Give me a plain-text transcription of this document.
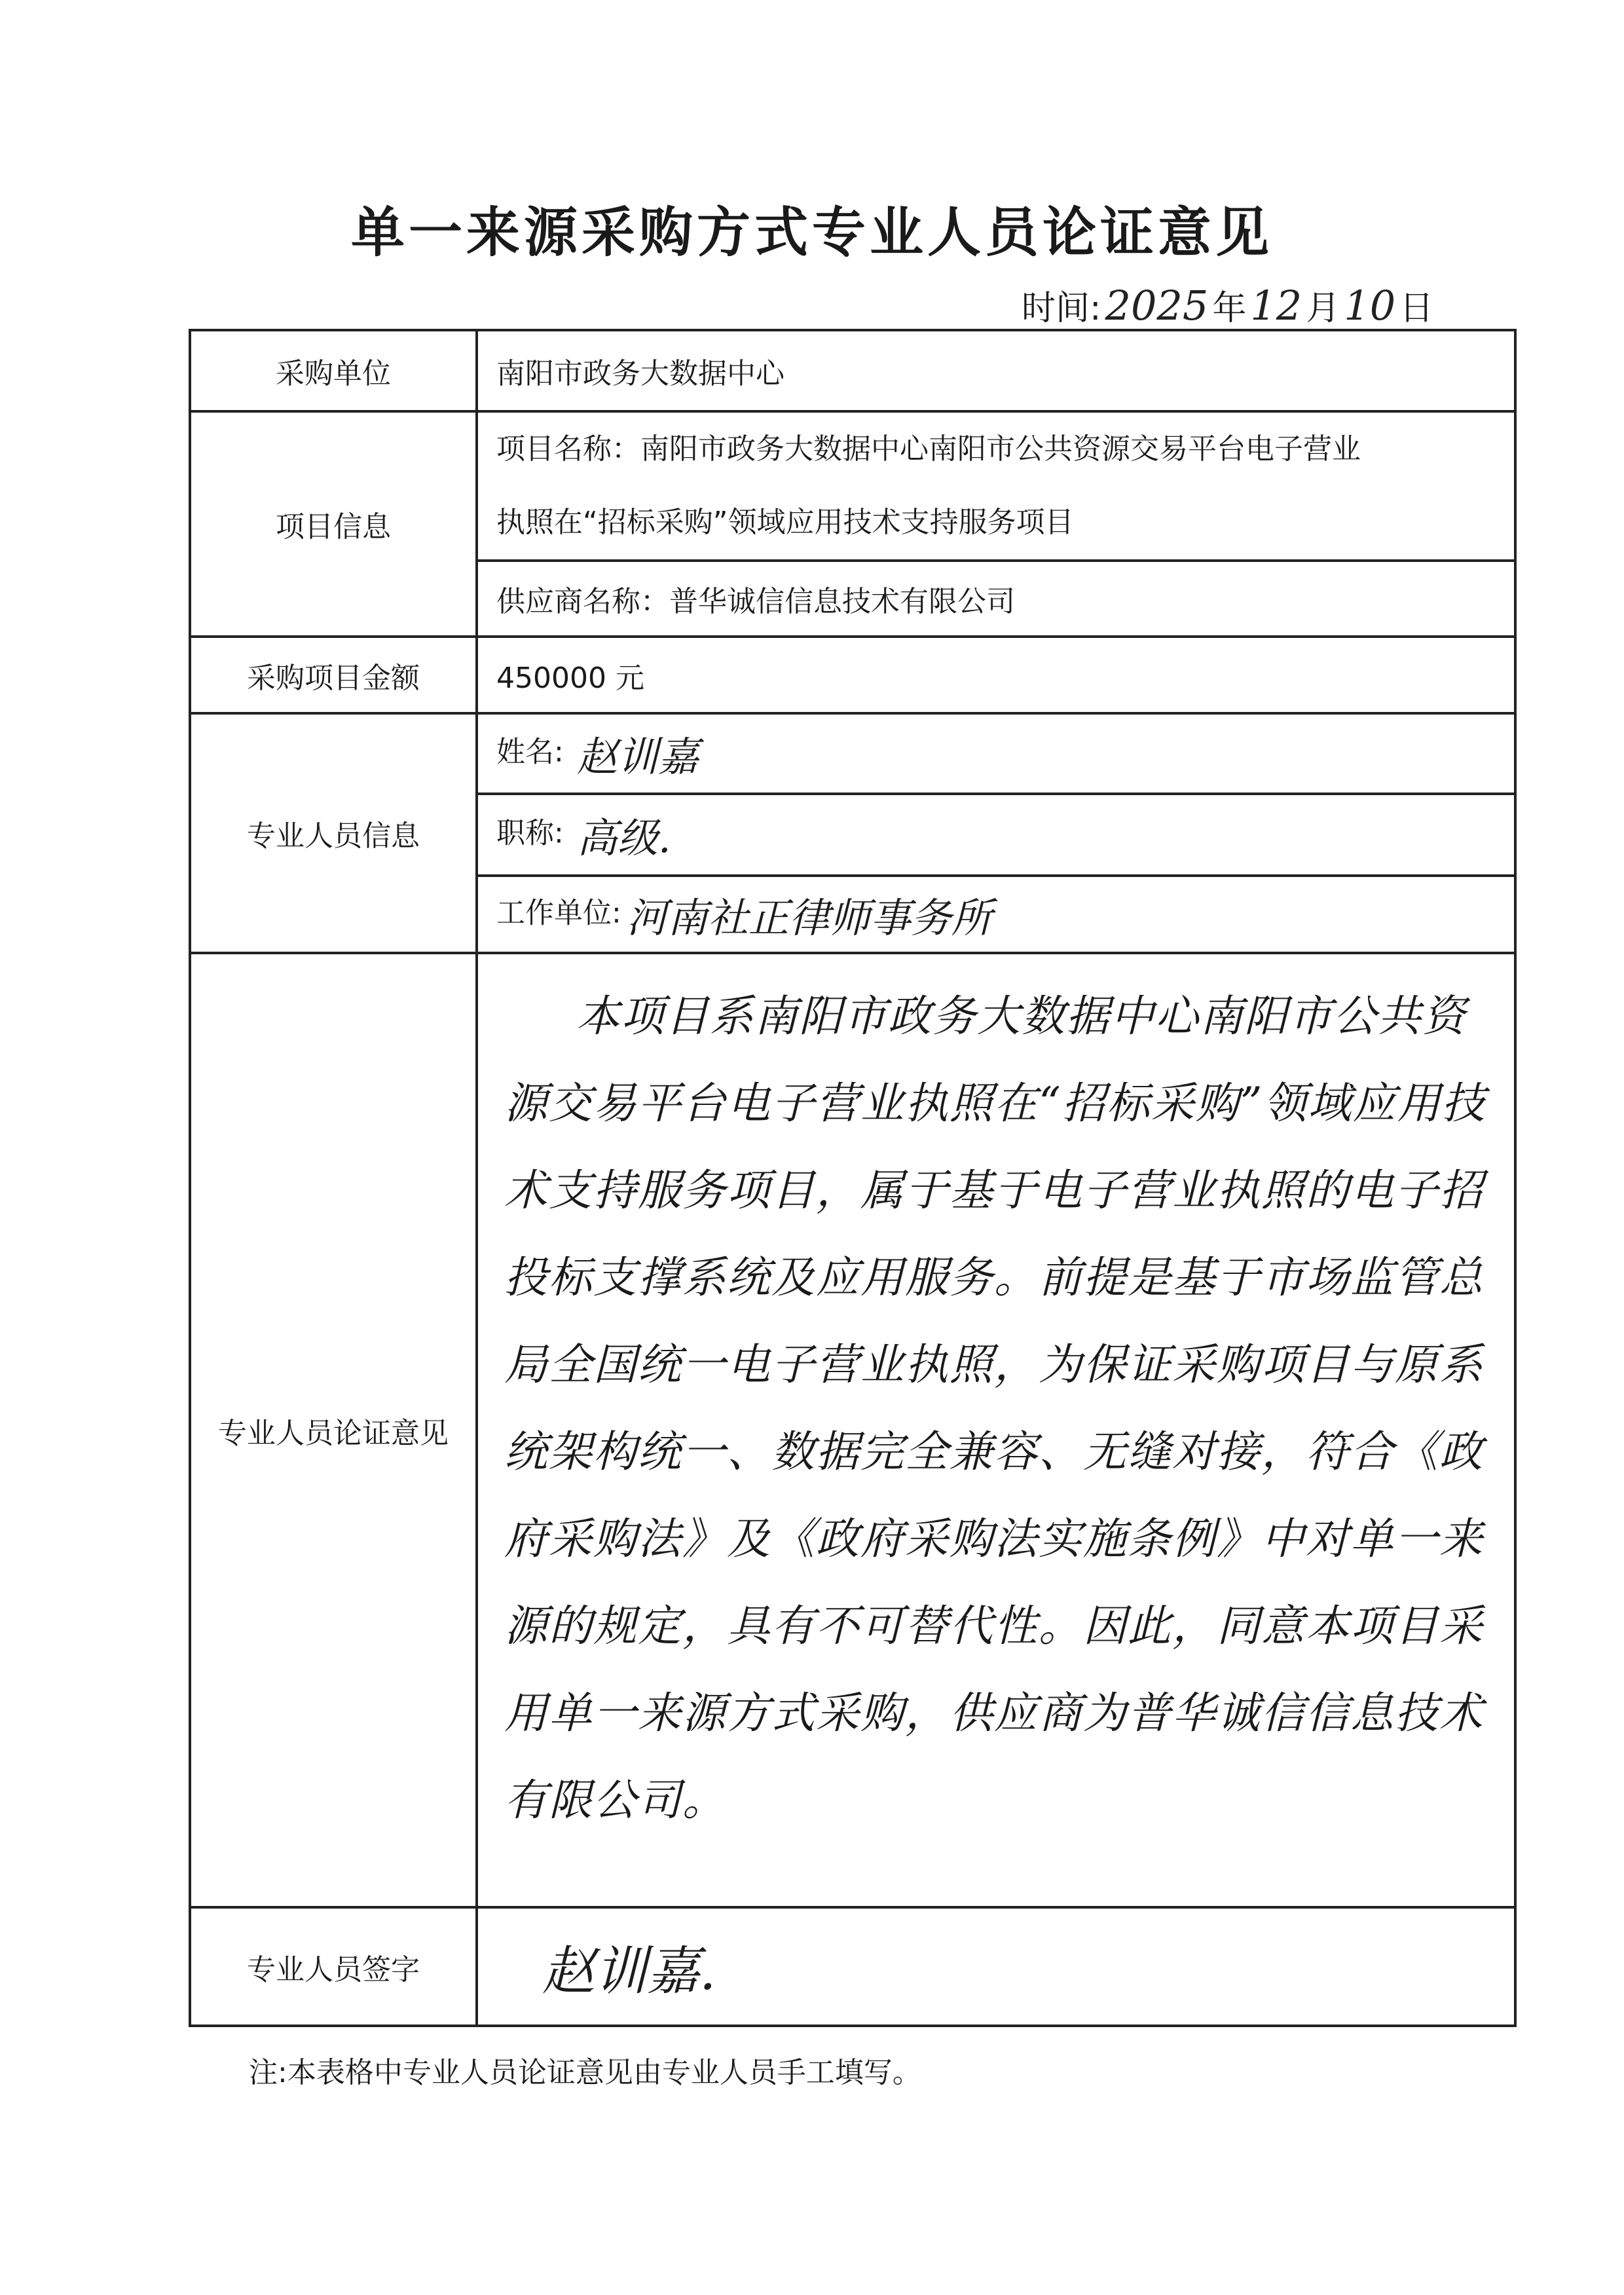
单一来源采购方式专业人员论证意见
时间:2025 年12 月10 日
采购单位	南阳市政务大数据中心
项目信息	项目名称：南阳市政务大数据中心南阳市公共资源交易平台电子营业
执照在“招标采购”领域应用技术支持服务项目

	供应商名称：普华诚信信息技术有限公司
采购项目金额	450000 元
专业人员信息	姓名: 赵训嘉
	职称: 高级.
	工作单位: 河南社正律师事务所
专业人员论证意见	本项目系南阳市政务大数据中心南阳市公共资源交易平台电子营业执照在“招标采购”领域应用技术支持服务项目，属于基于电子营业执照的电子招投标支撑系统及应用服务。前提是基于市场监管总局全国统一电子营业执照，为保证采购项目与原系统架构统一、数据完全兼容、无缝对接，符合《政府采购法》及《政府采购法实施条例》中对单一来源的规定，具有不可替代性。因此，同意本项目采用单一来源方式采购，供应商为普华诚信信息技术有限公司。

专业人员签字	赵训嘉.
注:本表格中专业人员论证意见由专业人员手工填写。
